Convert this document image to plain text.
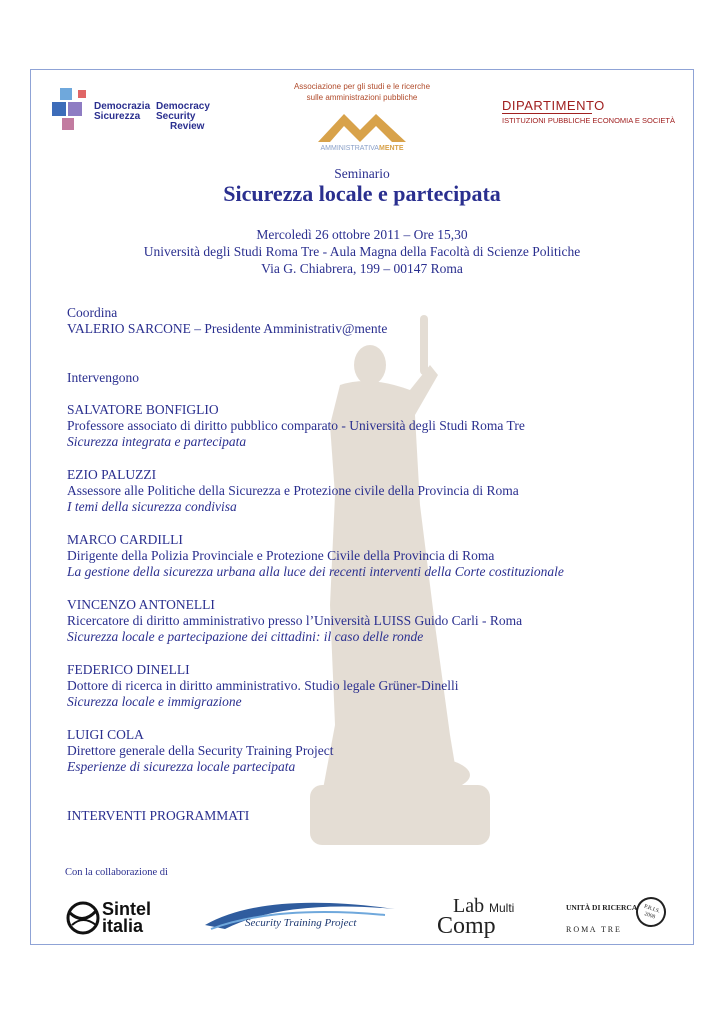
Associazione per gli studi e le ricerche
sulle amministrazioni pubbliche
Democrazia
Sicurezza
Democracy
Security
Review
AMMINISTRATIVAMENTE
DIPARTIMENTO
ISTITUZIONI PUBBLICHE ECONOMIA E SOCIETÀ
Seminario
Sicurezza locale e partecipata
Mercoledì 26 ottobre 2011 – Ore 15,30
Università degli Studi Roma Tre - Aula Magna della Facoltà di Scienze Politiche
Via G. Chiabrera, 199 – 00147 Roma
Coordina
VALERIO SARCONE – Presidente Amministrativ@mente
Intervengono
SALVATORE BONFIGLIO
Professore associato di diritto pubblico comparato - Università degli Studi Roma Tre
Sicurezza integrata e partecipata
EZIO PALUZZI
Assessore alle Politiche della Sicurezza e Protezione civile della Provincia di Roma
I temi della sicurezza condivisa
MARCO CARDILLI
Dirigente della Polizia Provinciale e Protezione Civile della Provincia di Roma
La gestione della sicurezza urbana alla luce dei recenti interventi della Corte costituzionale
VINCENZO ANTONELLI
Ricercatore di diritto amministrativo presso l’Università LUISS Guido Carli - Roma
Sicurezza locale e partecipazione dei cittadini: il caso delle ronde
FEDERICO DINELLI
Dottore di ricerca in diritto amministrativo. Studio legale Grüner-Dinelli
Sicurezza locale e immigrazione
LUIGI COLA
Direttore generale della Security Training Project
Esperienze di sicurezza locale partecipata
INTERVENTI PROGRAMMATI
Con la collaborazione di
Sintel
italia	Security Training Project
Lab Multi
Comp
UNITÀ DI RICERCA
R O M A   T R E
P.R.I.S. 2008
